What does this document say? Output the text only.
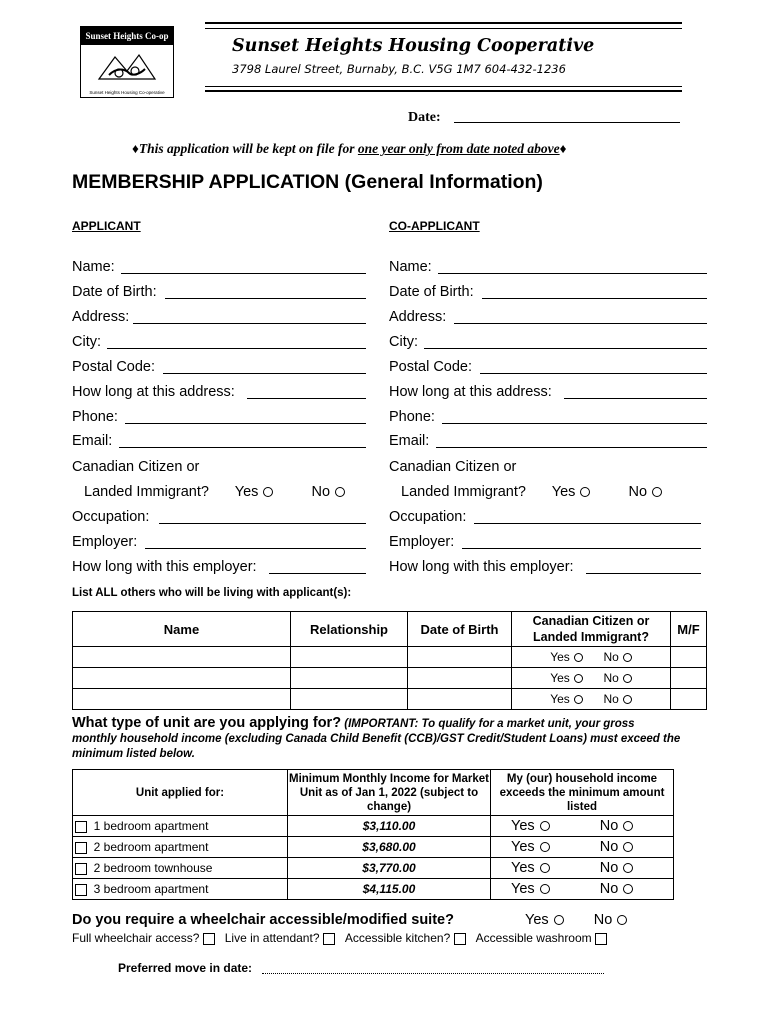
Sunset Heights Co-op
Sunset Heights Housing Co-operative
Sunset Heights Housing Cooperative
3798 Laurel Street, Burnaby, B.C. V5G 1M7 604-432-1236
Date:
♦This application will be kept on file for one year only from date noted above♦
MEMBERSHIP APPLICATION (General Information)
APPLICANT
Name:
Date of Birth:
Address:
City:
Postal Code:
How long at this address:
Phone:
Email:
Canadian Citizen or
Landed Immigrant? Yes	No
Occupation:
Employer:
How long with this employer:
CO-APPLICANT
Name:
Date of Birth:
Address:
City:
Postal Code:
How long at this address:
Phone:
Email:
Canadian Citizen or
Landed Immigrant? Yes	No
Occupation:
Employer:
How long with this employer:
List ALL others who will be living with applicant(s):
Name	Relationship	Date of Birth	Canadian Citizen or Landed Immigrant?	M/F
			Yes No	
			Yes No	
			Yes No	
What type of unit are you applying for? (IMPORTANT: To qualify for a market unit, your gross monthly household income (excluding Canada Child Benefit (CCB)/GST Credit/Student Loans) must exceed the minimum listed below.
Unit applied for:	Minimum Monthly Income for Market Unit as of Jan 1, 2022 (subject to change)	My (our) household income exceeds the minimum amount listed
1 bedroom apartment	$3,110.00	Yes No
2 bedroom apartment	$3,680.00	Yes No
2 bedroom townhouse	$3,770.00	Yes No
3 bedroom apartment	$4,115.00	Yes No
Do you require a wheelchair accessible/modified suite?	Yes	No
Full wheelchair access? Live in attendant? Accessible kitchen? Accessible washroom
Preferred move in date:
